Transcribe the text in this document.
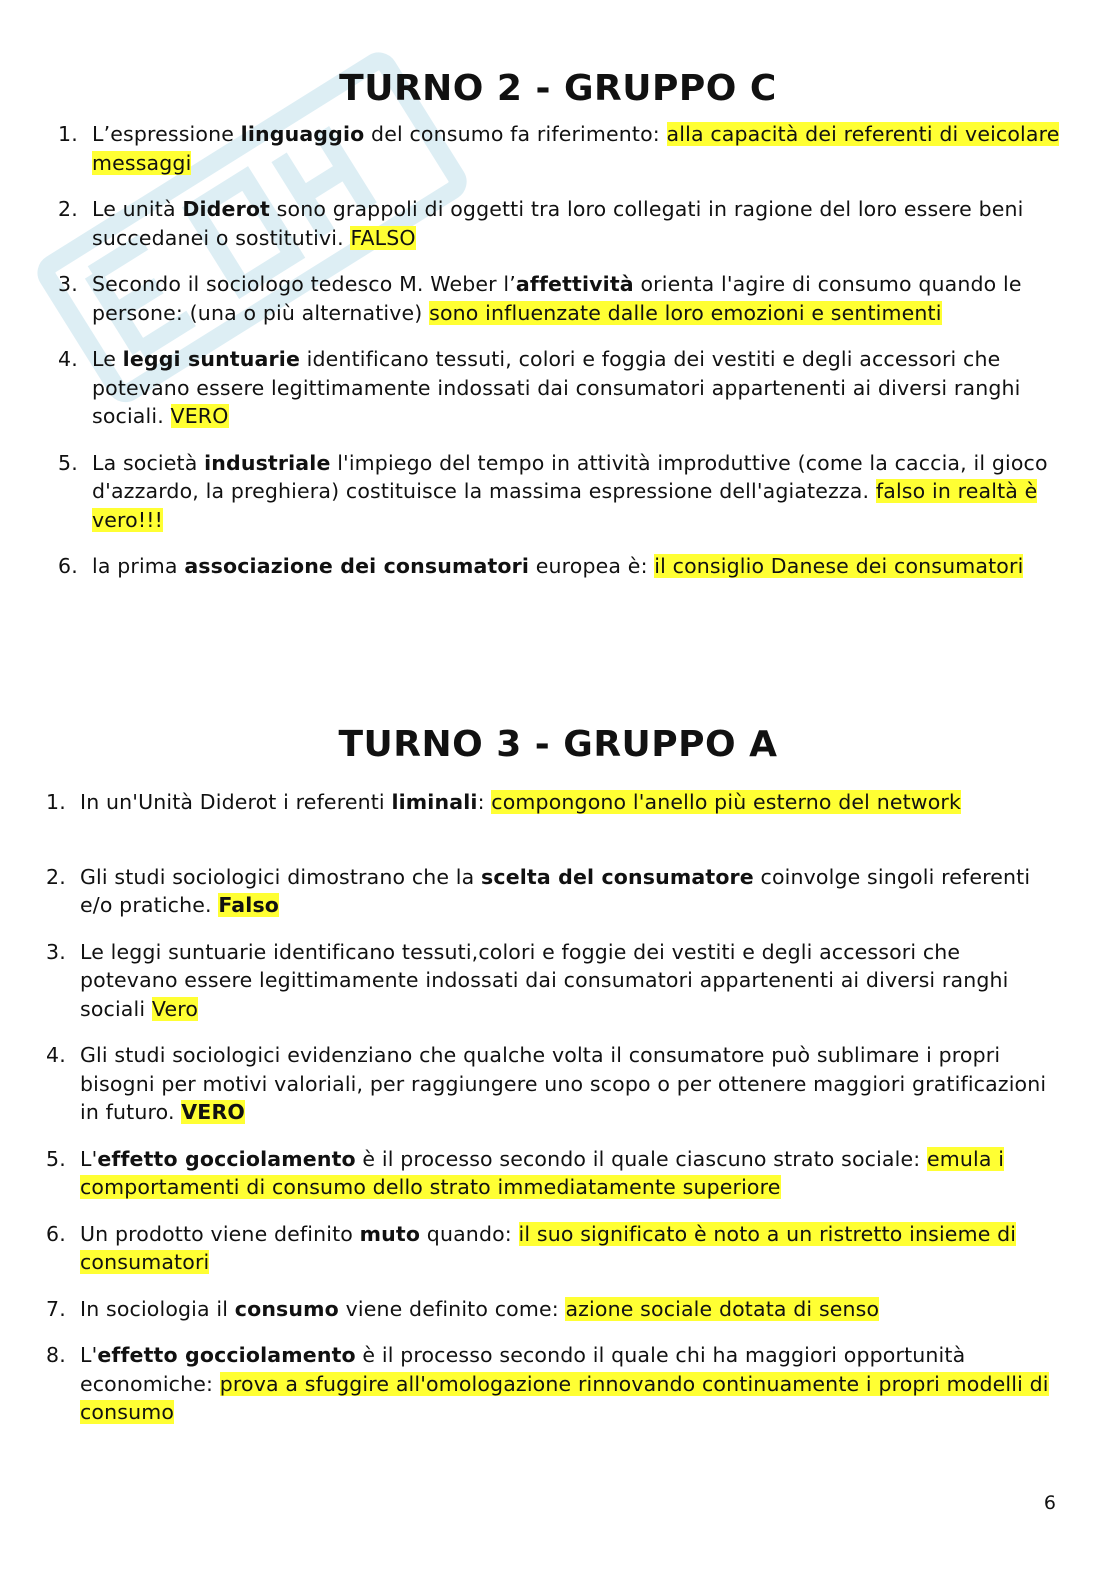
TURNO 2 - GRUPPO C
1. L’espressione linguaggio del consumo fa riferimento: alla capacità dei referenti di veicolare messaggi
2. Le unità Diderot sono grappoli di oggetti tra loro collegati in ragione del loro essere beni succedanei o sostitutivi. FALSO
3. Secondo il sociologo tedesco M. Weber l’affettività orienta l'agire di consumo quando le persone: (una o più alternative) sono influenzate dalle loro emozioni e sentimenti
4. Le leggi suntuarie identificano tessuti, colori e foggia dei vestiti e degli accessori che potevano essere legittimamente indossati dai consumatori appartenenti ai diversi ranghi sociali. VERO
5. La società industriale l'impiego del tempo in attività improduttive (come la caccia, il gioco d'azzardo, la preghiera) costituisce la massima espressione dell'agiatezza. falso in realtà è vero!!!
6. la prima associazione dei consumatori europea è: il consiglio Danese dei consumatori
TURNO 3 - GRUPPO A
1. In un'Unità Diderot i referenti liminali: compongono l'anello più esterno del network
2. Gli studi sociologici dimostrano che la scelta del consumatore coinvolge singoli referenti e/o pratiche. Falso
3. Le leggi suntuarie identificano tessuti,colori e foggie dei vestiti e degli accessori che potevano essere legittimamente indossati dai consumatori appartenenti ai diversi ranghi sociali Vero
4. Gli studi sociologici evidenziano che qualche volta il consumatore può sublimare i propri bisogni per motivi valoriali, per raggiungere uno scopo o per ottenere maggiori gratificazioni in futuro. VERO
5. L'effetto gocciolamento è il processo secondo il quale ciascuno strato sociale: emula i comportamenti di consumo dello strato immediatamente superiore
6. Un prodotto viene definito muto quando: il suo significato è noto a un ristretto insieme di consumatori
7. In sociologia il consumo viene definito come: azione sociale dotata di senso
8. L'effetto gocciolamento è il processo secondo il quale chi ha maggiori opportunità economiche: prova a sfuggire all'omologazione rinnovando continuamente i propri modelli di consumo
6
